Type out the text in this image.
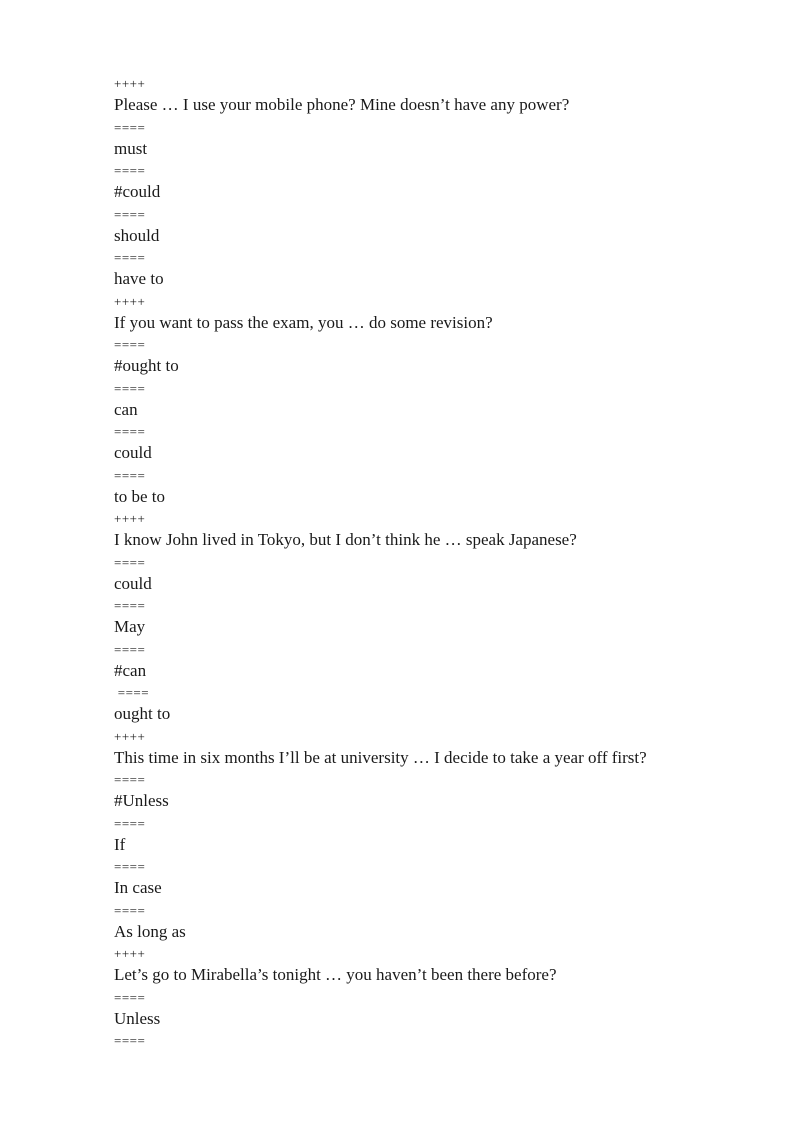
++++
Please … I use your mobile phone? Mine doesn’t have any power?
====
must
====
#could
====
should
====
have to
++++
If you want to pass the exam, you … do some revision?
====
#ought to
====
can
====
could
====
to be to
++++
I know John lived in Tokyo, but I don’t think he … speak Japanese?
====
could
====
May
====
#can
====
ought to
++++
This time in six months I’ll be at university … I decide to take a year off first?
====
#Unless
====
If
====
In case
====
As long as
++++
Let’s go to Mirabella’s tonight … you haven’t been there before?
====
Unless
====
